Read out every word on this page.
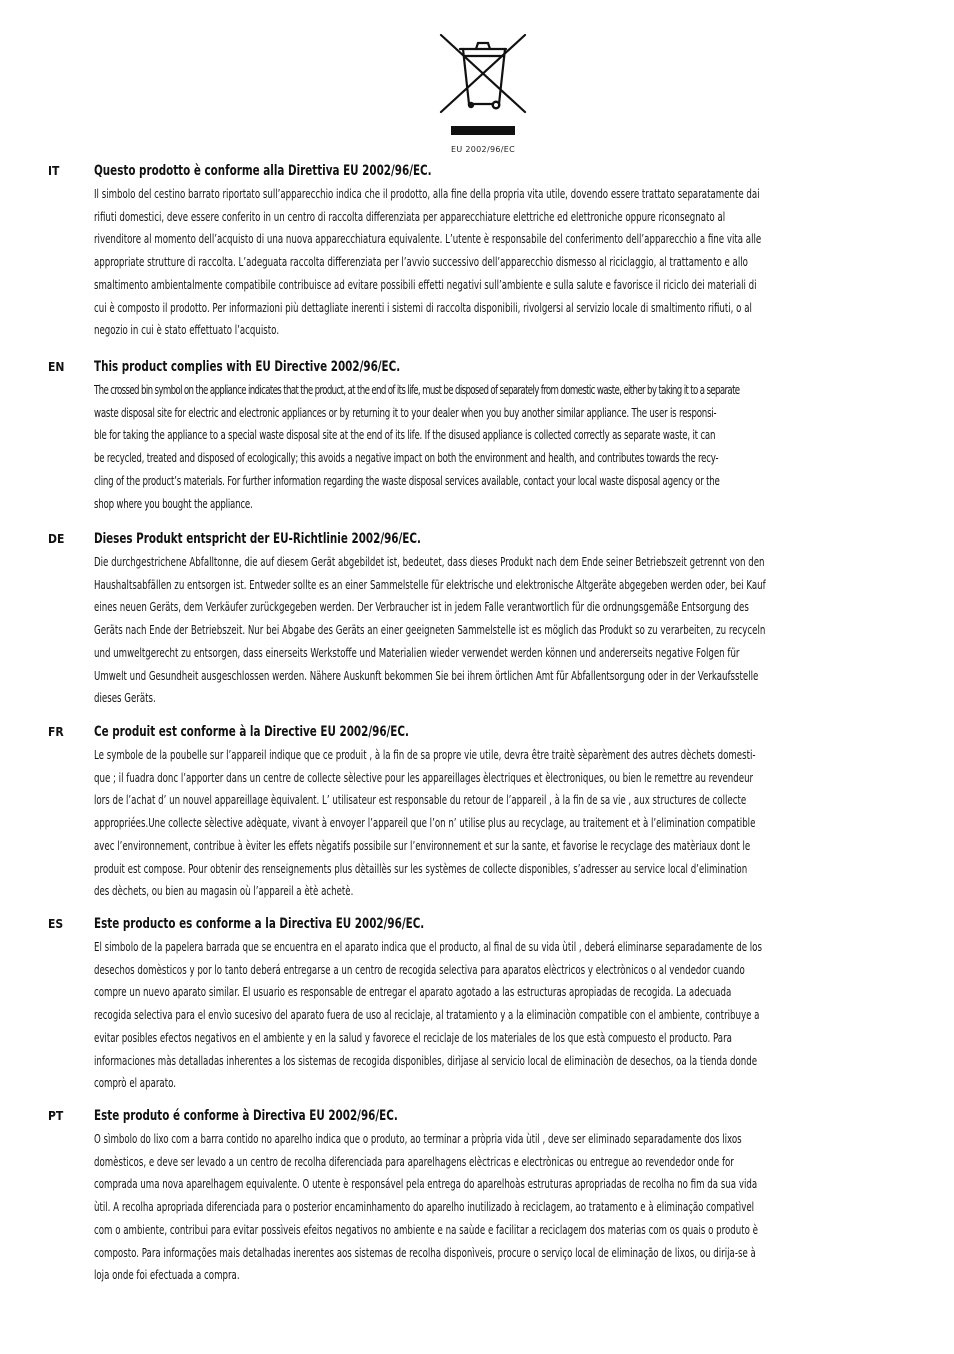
EU 2002/96/EC
IT	Questo prodotto è conforme alla Direttiva EU 2002/96/EC.
Il simbolo del cestino barrato riportato sull’apparecchio indica che il prodotto, alla fine della propria vita utile, dovendo essere trattato separatamente dai
rifiuti domestici, deve essere conferito in un centro di raccolta differenziata per apparecchiature elettriche ed elettroniche oppure riconsegnato al
rivenditore al momento dell’acquisto di una nuova apparecchiatura equivalente. L’utente è responsabile del conferimento dell’apparecchio a fine vita alle
appropriate strutture di raccolta. L’adeguata raccolta differenziata per l’avvio successivo dell’apparecchio dismesso al riciclaggio, al trattamento e allo
smaltimento ambientalmente compatibile contribuisce ad evitare possibili effetti negativi sull’ambiente e sulla salute e favorisce il riciclo dei materiali di
cui è composto il prodotto. Per informazioni più dettagliate inerenti i sistemi di raccolta disponibili, rivolgersi al servizio locale di smaltimento rifiuti, o al
negozio in cui è stato effettuato l’acquisto.
EN	This product complies with EU Directive 2002/96/EC.
The crossed bin symbol on the appliance indicates that the product, at the end of its life, must be disposed of separately from domestic waste, either by taking it to a separate
waste disposal site for electric and electronic appliances or by returning it to your dealer when you buy another similar appliance. The user is responsi-
ble for taking the appliance to a special waste disposal site at the end of its life. If the disused appliance is collected correctly as separate waste, it can
be recycled, treated and disposed of ecologically; this avoids a negative impact on both the environment and health, and contributes towards the recy-
cling of the product’s materials. For further information regarding the waste disposal services available, contact your local waste disposal agency or the
shop where you bought the appliance.
DE	Dieses Produkt entspricht der EU-Richtlinie 2002/96/EC.
Die durchgestrichene Abfalltonne, die auf diesem Gerät abgebildet ist, bedeutet, dass dieses Produkt nach dem Ende seiner Betriebszeit getrennt von den
Haushaltsabfällen zu entsorgen ist. Entweder sollte es an einer Sammelstelle für elektrische und elektronische Altgeräte abgegeben werden oder, bei Kauf
eines neuen Geräts, dem Verkäufer zurückgegeben werden. Der Verbraucher ist in jedem Falle verantwortlich für die ordnungsgemäße Entsorgung des
Geräts nach Ende der Betriebszeit. Nur bei Abgabe des Geräts an einer geeigneten Sammelstelle ist es möglich das Produkt so zu verarbeiten, zu recyceln
und umweltgerecht zu entsorgen, dass einerseits Werkstoffe und Materialien wieder verwendet werden können und andererseits negative Folgen für
Umwelt und Gesundheit ausgeschlossen werden. Nähere Auskunft bekommen Sie bei ihrem örtlichen Amt für Abfallentsorgung oder in der Verkaufsstelle
dieses Geräts.
FR	Ce produit est conforme à la Directive EU 2002/96/EC.
Le symbole de la poubelle sur l’appareil indique que ce produit , à la fin de sa propre vie utile, devra être traitè sèparèment des autres dèchets domesti-
que ; il fuadra donc l’apporter dans un centre de collecte sèlective pour les appareillages èlectriques et èlectroniques, ou bien le remettre au revendeur
lors de l’achat d’ un nouvel appareillage èquivalent. L’ utilisateur est responsable du retour de l’appareil , à la fin de sa vie , aux structures de collecte
appropriées.Une collecte sèlective adèquate, vivant à envoyer l’appareil que l’on n’ utilise plus au recyclage, au traitement et à l’elimination compatible
avec l’environnement, contribue à èviter les effets nègatifs possibile sur l’environnement et sur la sante, et favorise le recyclage des matèriaux dont le
produit est compose. Pour obtenir des renseignements plus dètaillès sur les systèmes de collecte disponibles, s’adresser au service local d’elimination
des dèchets, ou bien au magasin où l’appareil a ètè achetè.
ES	Este producto es conforme a la Directiva EU 2002/96/EC.
El simbolo de la papelera barrada que se encuentra en el aparato indica que el producto, al final de su vida ùtil , deberá eliminarse separadamente de los
desechos domèsticos y por lo tanto deberá entregarse a un centro de recogida selectiva para aparatos elèctricos y electrònicos o al vendedor cuando
compre un nuevo aparato similar. El usuario es responsable de entregar el aparato agotado a las estructuras apropiadas de recogida. La adecuada
recogida selectiva para el envìo sucesivo del aparato fuera de uso al reciclaje, al tratamiento y a la eliminaciòn compatible con el ambiente, contribuye a
evitar posibles efectos negativos en el ambiente y en la salud y favorece el reciclaje de los materiales de los que està compuesto el producto. Para
informaciones màs detalladas inherentes a los sistemas de recogida disponibles, dirìjase al servicio local de eliminaciòn de desechos, oa la tienda donde
comprò el aparato.
PT	Este produto é conforme à Directiva EU 2002/96/EC.
O sìmbolo do lixo com a barra contido no aparelho indica que o produto, ao terminar a pròpria vida ùtil , deve ser eliminado separadamente dos lixos
domèsticos, e deve ser levado a un centro de recolha diferenciada para aparelhagens elèctricas e electrònicas ou entregue ao revendedor onde for
comprada uma nova aparelhagem equivalente. O utente è responsável pela entrega do aparelhoàs estruturas apropriadas de recolha no fim da sua vida
ùtil. A recolha apropriada diferenciada para o posterior encaminhamento do aparelho inutilizado à reciclagem, ao tratamento e à eliminação compatìvel
com o ambiente, contribui para evitar possìveis efeitos negativos no ambiente e na saùde e facilitar a reciclagem dos materias com os quais o produto è
composto. Para informações mais detalhadas inerentes aos sistemas de recolha disponìveis, procure o serviço local de eliminação de lixos, ou dirija-se à
loja onde foi efectuada a compra.
